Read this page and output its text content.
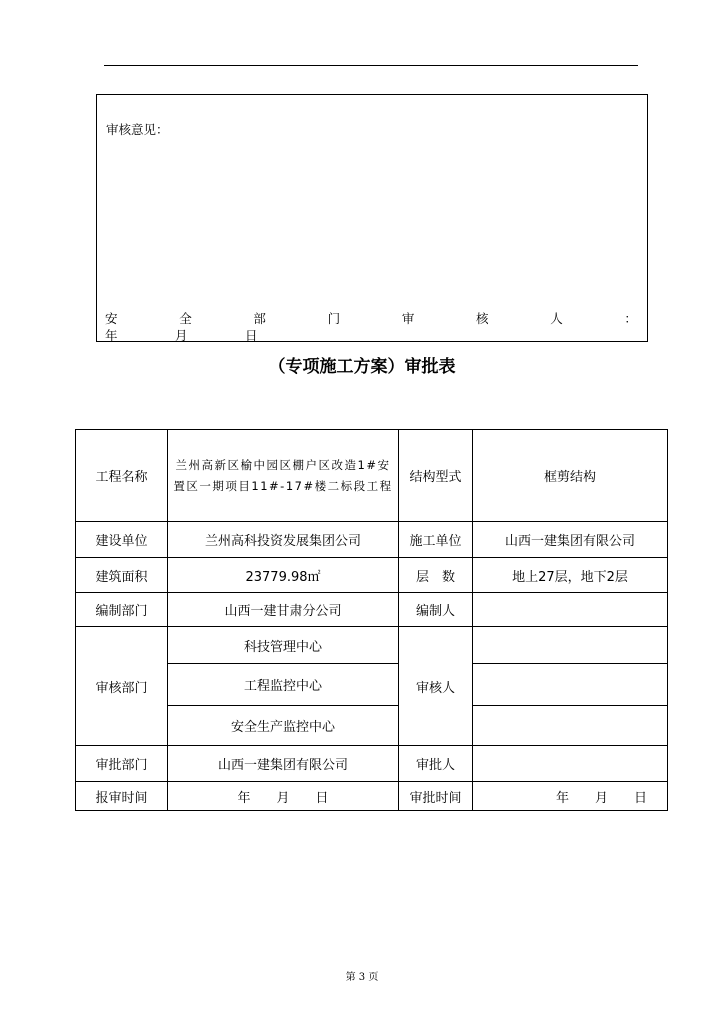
审核意见：
安	全	部	门	审	核	人	：
年	月	日
（专项施工方案）审批表
工程名称	兰州高新区榆中园区棚户区改造1#安置区一期项目11#-17#楼二标段工程	结构型式	框剪结构
建设单位	兰州高科投资发展集团公司	施工单位	山西一建集团有限公司
建筑面积	23779.98㎡	层　数	地上27层，地下2层
编制部门	山西一建甘肃分公司	编制人	
审核部门	科技管理中心	审核人	
	工程监控中心		
	安全生产监控中心		
审批部门	山西一建集团有限公司	审批人	
报审时间	年　　月　　日	审批时间	年　　月　　日
第 3 页
